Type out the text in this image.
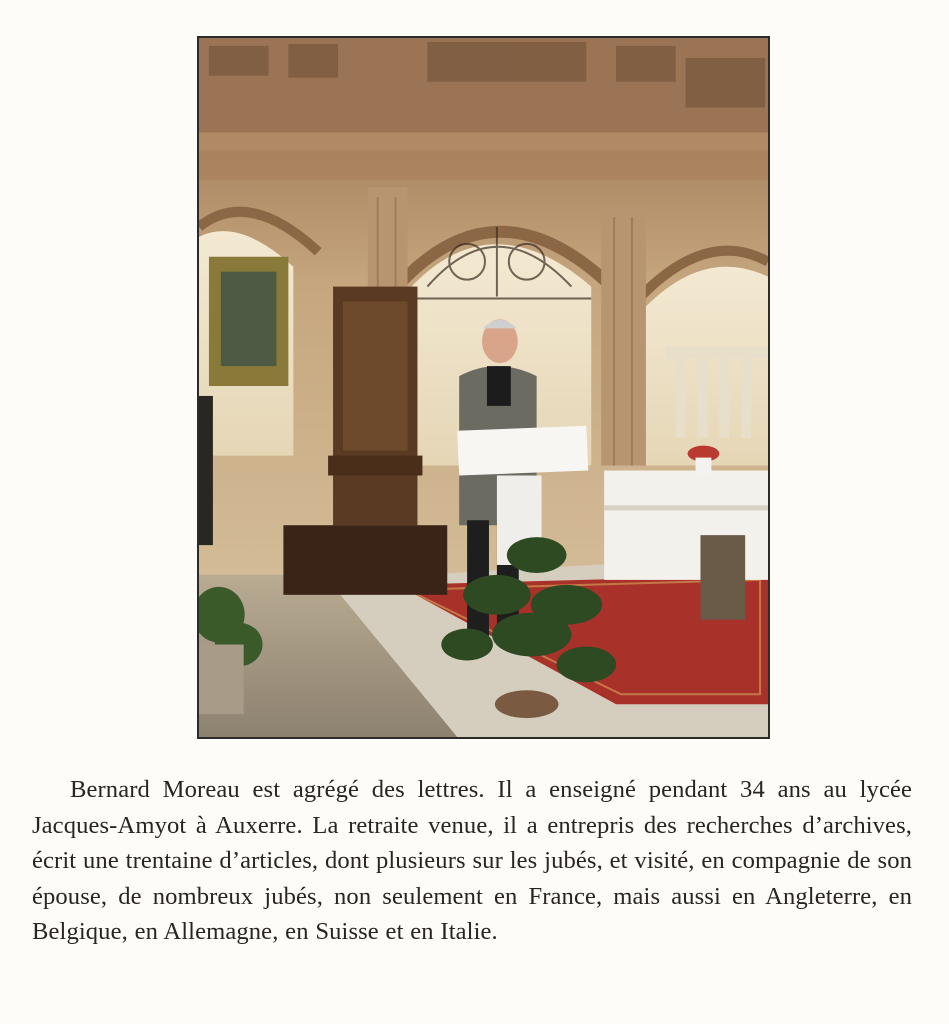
Bernard Moreau est agrégé des lettres. Il a enseigné pendant 34 ans au lycée Jacques-Amyot à Auxerre. La retraite venue, il a entrepris des recherches d’archives, écrit une trentaine d’articles, dont plusieurs sur les jubés, et visité, en compagnie de son épouse, de nombreux jubés, non seulement en France, mais aussi en Angleterre, en Belgique, en Allemagne, en Suisse et en Italie.
